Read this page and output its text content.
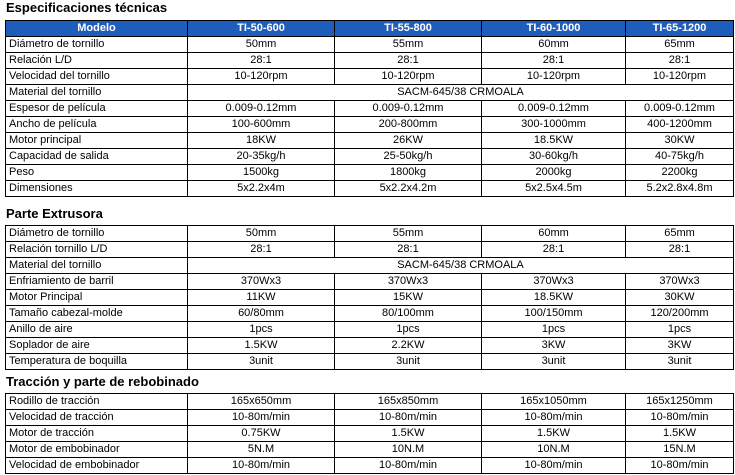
Especificaciones técnicas
Modelo	TI-50-600	TI-55-800	TI-60-1000	TI-65-1200
Diámetro de tornillo	50mm	55mm	60mm	65mm
Relación L/D	28:1	28:1	28:1	28:1
Velocidad del tornillo	10-120rpm	10-120rpm	10-120rpm	10-120rpm
Material del tornillo	SACM-645/38 CRMOALA			
Espesor de película	0.009-0.12mm	0.009-0.12mm	0.009-0.12mm	0.009-0.12mm
Ancho de película	100-600mm	200-800mm	300-1000mm	400-1200mm
Motor principal	18KW	26KW	18.5KW	30KW
Capacidad de salida	20-35kg/h	25-50kg/h	30-60kg/h	40-75kg/h
Peso	1500kg	1800kg	2000kg	2200kg
Dimensiones	5x2.2x4m	5x2.2x4.2m	5x2.5x4.5m	5.2x2.8x4.8m
Parte Extrusora
Diámetro de tornillo	50mm	55mm	60mm	65mm
Relación tornillo L/D	28:1	28:1	28:1	28:1
Material del tornillo	SACM-645/38 CRMOALA			
Enfriamiento de barril	370Wx3	370Wx3	370Wx3	370Wx3
Motor Principal	11KW	15KW	18.5KW	30KW
Tamaño cabezal-molde	60/80mm	80/100mm	100/150mm	120/200mm
Anillo de aire	1pcs	1pcs	1pcs	1pcs
Soplador de aire	1.5KW	2.2KW	3KW	3KW
Temperatura de boquilla	3unit	3unit	3unit	3unit
Tracción y parte de rebobinado
Rodillo de tracción	165x650mm	165x850mm	165x1050mm	165x1250mm
Velocidad de tracción	10-80m/min	10-80m/min	10-80m/min	10-80m/min
Motor de tracción	0.75KW	1.5KW	1.5KW	1.5KW
Motor de embobinador	5N.M	10N.M	10N.M	15N.M
Velocidad de embobinador	10-80m/min	10-80m/min	10-80m/min	10-80m/min
